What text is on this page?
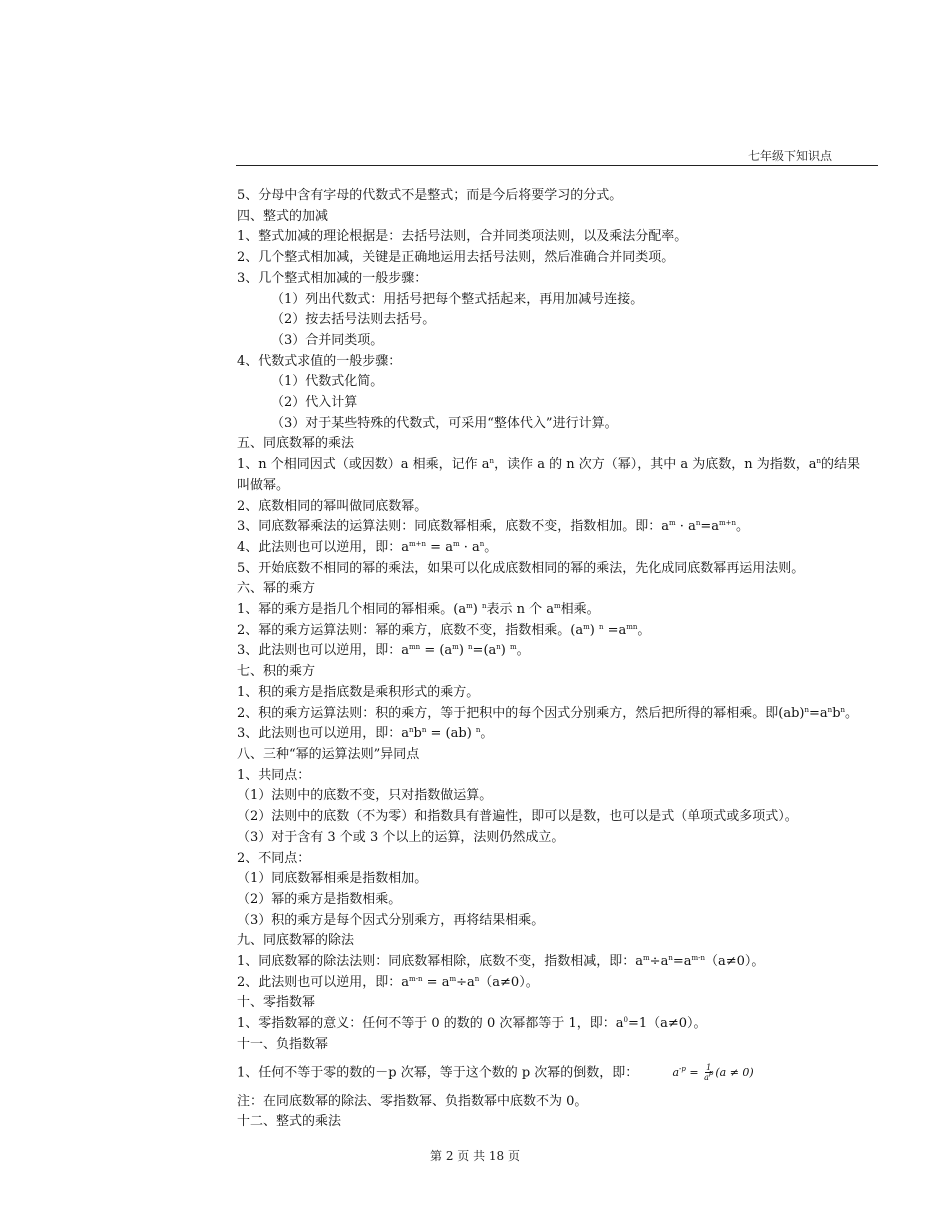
七年级下知识点
5、分母中含有字母的代数式不是整式；而是今后将要学习的分式。
四、整式的加减
1、整式加减的理论根据是：去括号法则，合并同类项法则，以及乘法分配率。
2、几个整式相加减，关键是正确地运用去括号法则，然后准确合并同类项。
3、几个整式相加减的一般步骤：
（1）列出代数式：用括号把每个整式括起来，再用加减号连接。
（2）按去括号法则去括号。
（3）合并同类项。
4、代数式求值的一般步骤：
（1）代数式化简。
（2）代入计算
（3）对于某些特殊的代数式，可采用“整体代入”进行计算。
五、同底数幂的乘法
1、n 个相同因式（或因数）a 相乘，记作 $a^n$，读作 a 的 n 次方（幂），其中 a 为底数，n 为指数，$a^n$的结果
叫做幂。
2、底数相同的幂叫做同底数幂。
3、同底数幂乘法的运算法则：同底数幂相乘，底数不变，指数相加。即：$a^m \cdot a^n=a^{m+n}$。
4、此法则也可以逆用，即：$a^{m+n} = a^m \cdot a^n$。
5、开始底数不相同的幂的乘法，如果可以化成底数相同的幂的乘法，先化成同底数幂再运用法则。
六、幂的乘方
1、幂的乘方是指几个相同的幂相乘。$(a^m)$ $^n$表示 n 个 $a^m$相乘。
2、幂的乘方运算法则：幂的乘方，底数不变，指数相乘。$(a^m)$ $^n =a^{mn}$。
3、此法则也可以逆用，即：$a^{mn} = (a^m)$ $^n=(a^n)$ $^m$。
七、积的乘方
1、积的乘方是指底数是乘积形式的乘方。
2、积的乘方运算法则：积的乘方，等于把积中的每个因式分别乘方，然后把所得的幂相乘。即$(ab)^n=a^nb^n$。
3、此法则也可以逆用，即：$a^nb^n = (ab)$ $^n$。
八、三种“幂的运算法则”异同点
1、共同点：
（1）法则中的底数不变，只对指数做运算。
（2）法则中的底数（不为零）和指数具有普遍性，即可以是数，也可以是式（单项式或多项式）。
（3）对于含有 3 个或 3 个以上的运算，法则仍然成立。
2、不同点：
（1）同底数幂相乘是指数相加。
（2）幂的乘方是指数相乘。
（3）积的乘方是每个因式分别乘方，再将结果相乘。
九、同底数幂的除法
1、同底数幂的除法法则：同底数幂相除，底数不变，指数相减，即：$a^m\div a^n=a^{m-n}(a\ne 0)$。
2、此法则也可以逆用，即：$a^{m-n} = a^m\div a^n(a\ne 0)$。
十、零指数幂
1、零指数幂的意义：任何不等于 0 的数的 0 次幂都等于 1，即：$a^0=1(a\ne 0)$。
十一、负指数幂
1、任何不等于零的数的－p 次幂，等于这个数的 p 次幂的倒数，即：	$a^{-p} = \frac{1}{a^p} (a \ne 0)$
注：在同底数幂的除法、零指数幂、负指数幂中底数不为 0。
十二、整式的乘法
第 2 页 共 18 页
